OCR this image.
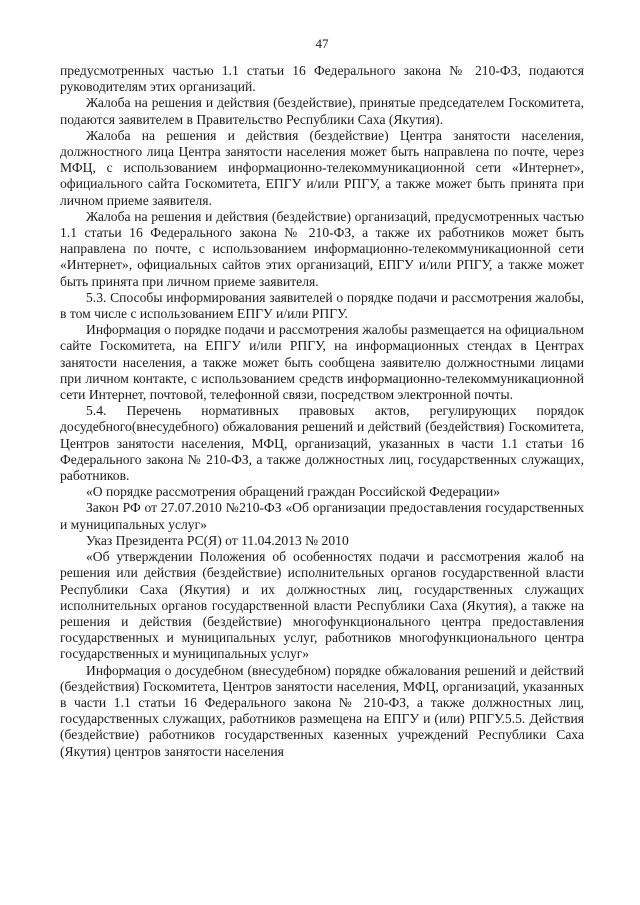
47

предусмотренных частью 1.1 статьи 16 Федерального закона № 210-ФЗ, подаются руководителям этих организаций.

Жалоба на решения и действия (бездействие), принятые председателем Госкомитета, подаются заявителем в Правительство Республики Саха (Якутия).

Жалоба на решения и действия (бездействие) Центра занятости населения, должностного лица Центра занятости населения может быть направлена по почте, через МФЦ, с использованием информационно-телекоммуникационной сети «Интернет», официального сайта Госкомитета, ЕПГУ и/или РПГУ, а также может быть принята при личном приеме заявителя.

Жалоба на решения и действия (бездействие) организаций, предусмотренных частью 1.1 статьи 16 Федерального закона № 210-ФЗ, а также их работников может быть направлена по почте, с использованием информационно-телекоммуникационной сети «Интернет», официальных сайтов этих организаций, ЕПГУ и/или РПГУ, а также может быть принята при личном приеме заявителя.

5.3. Способы информирования заявителей о порядке подачи и рассмотрения жалобы, в том числе с использованием ЕПГУ и/или РПГУ.

Информация о порядке подачи и рассмотрения жалобы размещается на официальном сайте Госкомитета, на ЕПГУ и/или РПГУ, на информационных стендах в Центрах занятости населения, а также может быть сообщена заявителю должностными лицами при личном контакте, с использованием средств информационно-телекоммуникационной сети Интернет, почтовой, телефонной связи, посредством электронной почты.

5.4. Перечень нормативных правовых актов, регулирующих порядок досудебного(внесудебного) обжалования решений и действий (бездействия) Госкомитета, Центров занятости населения, МФЦ, организаций, указанных в части 1.1 статьи 16 Федерального закона № 210-ФЗ, а также должностных лиц, государственных служащих, работников.

«О порядке рассмотрения обращений граждан Российской Федерации»

Закон РФ от 27.07.2010 №210-ФЗ «Об организации предоставления государственных и муниципальных услуг»

Указ Президента РС(Я) от 11.04.2013 № 2010

«Об утверждении Положения об особенностях подачи и рассмотрения жалоб на решения или действия (бездействие) исполнительных органов государственной власти Республики Саха (Якутия) и их должностных лиц, государственных служащих исполнительных органов государственной власти Республики Саха (Якутия), а также на решения и действия (бездействие) многофункционального центра предоставления государственных и муниципальных услуг, работников многофункционального центра государственных и муниципальных услуг»

Информация о досудебном (внесудебном) порядке обжалования решений и действий (бездействия) Госкомитета, Центров занятости населения, МФЦ, организаций, указанных в части 1.1 статьи 16 Федерального закона № 210-ФЗ, а также должностных лиц, государственных служащих, работников размещена на ЕПГУ и (или) РПГУ.5.5. Действия (бездействие) работников государственных казенных учреждений Республики Саха (Якутия) центров занятости населения
